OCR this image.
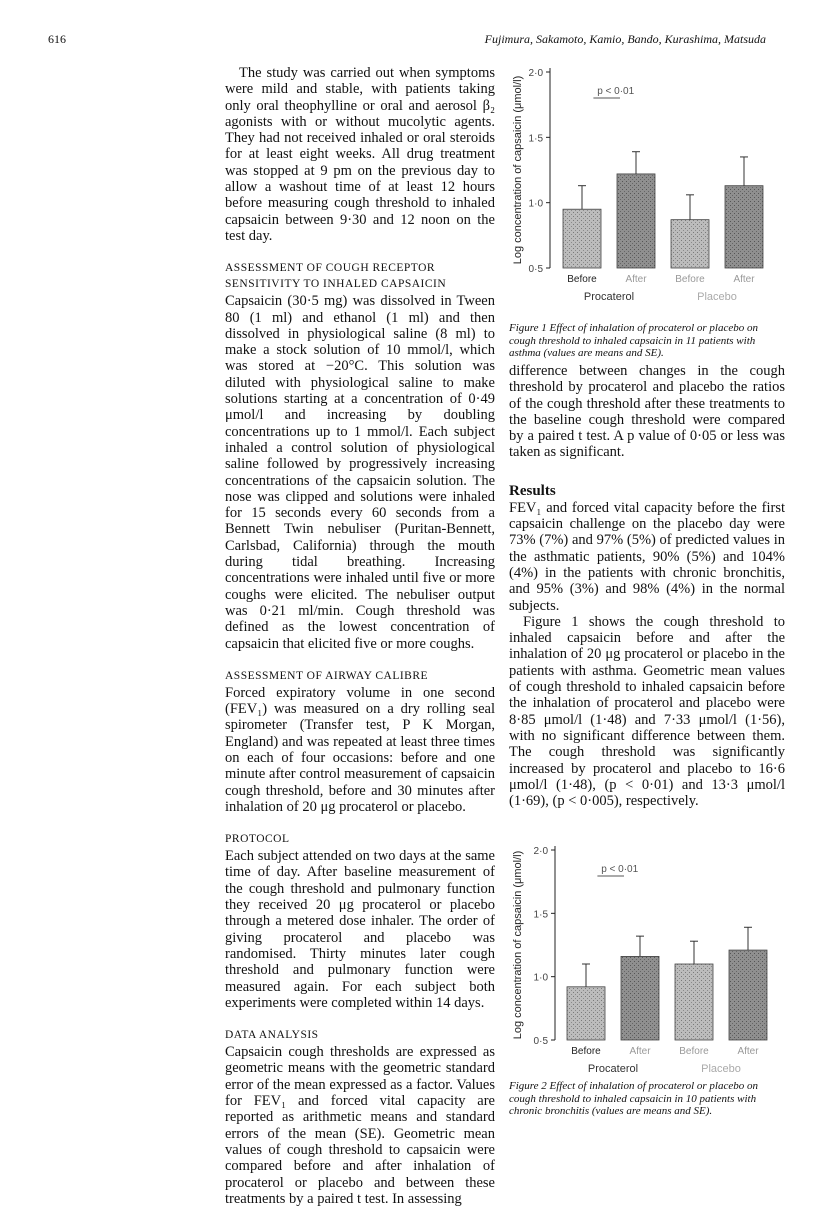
616	Fujimura, Sakamoto, Kamio, Bando, Kurashima, Matsuda

The study was carried out when symptoms were mild and stable, with patients taking only oral theophylline or oral and aerosol β₂ agonists with or without mucolytic agents. They had not received inhaled or oral steroids for at least eight weeks. All drug treatment was stopped at 9 pm on the previous day to allow a washout time of at least 12 hours before measuring cough threshold to inhaled capsaicin between 9·30 and 12 noon on the test day.

ASSESSMENT OF COUGH RECEPTOR
SENSITIVITY TO INHALED CAPSAICIN

Capsaicin (30·5 mg) was dissolved in Tween 80 (1 ml) and ethanol (1 ml) and then dissolved in physiological saline (8 ml) to make a stock solution of 10 mmol/l, which was stored at −20°C. This solution was diluted with physiological saline to make solutions starting at a concentration of 0·49 μmol/l and increasing by doubling concentrations up to 1 mmol/l. Each subject inhaled a control solution of physiological saline followed by progressively increasing concentrations of the capsaicin solution. The nose was clipped and solutions were inhaled for 15 seconds every 60 seconds from a Bennett Twin nebuliser (Puritan-Bennett, Carlsbad, California) through the mouth during tidal breathing. Increasing concentrations were inhaled until five or more coughs were elicited. The nebuliser output was 0·21 ml/min. Cough threshold was defined as the lowest concentration of capsaicin that elicited five or more coughs.

ASSESSMENT OF AIRWAY CALIBRE

Forced expiratory volume in one second (FEV₁) was measured on a dry rolling seal spirometer (Transfer test, P K Morgan, England) and was repeated at least three times on each of four occasions: before and one minute after control measurement of capsaicin cough threshold, before and 30 minutes after inhalation of 20 μg procaterol or placebo.

PROTOCOL

Each subject attended on two days at the same time of day. After baseline measurement of the cough threshold and pulmonary function they received 20 μg procaterol or placebo through a metered dose inhaler. The order of giving procaterol and placebo was randomised. Thirty minutes later cough threshold and pulmonary function were measured again. For each subject both experiments were completed within 14 days.

DATA ANALYSIS

Capsaicin cough thresholds are expressed as geometric means with the geometric standard error of the mean expressed as a factor. Values for FEV₁ and forced vital capacity are reported as arithmetic means and standard errors of the mean (SE). Geometric mean values of cough threshold to capsaicin were compared before and after inhalation of procaterol or placebo and between these treatments by a paired t test. In assessing

Log concentration of capsaicin (μmol/l)
0·5
1·0
1·5
2·0
Before	After	Before	After
Procaterol	Placebo
p < 0·01
Figure 1 Effect of inhalation of procaterol or placebo on cough threshold to inhaled capsaicin in 11 patients with asthma (values are means and SE).

difference between changes in the cough threshold by procaterol and placebo the ratios of the cough threshold after these treatments to the baseline cough threshold were compared by a paired t test. A p value of 0·05 or less was taken as significant.

Results

FEV₁ and forced vital capacity before the first capsaicin challenge on the placebo day were 73% (7%) and 97% (5%) of predicted values in the asthmatic patients, 90% (5%) and 104% (4%) in the patients with chronic bronchitis, and 95% (3%) and 98% (4%) in the normal subjects.

Figure 1 shows the cough threshold to inhaled capsaicin before and after the inhalation of 20 μg procaterol or placebo in the patients with asthma. Geometric mean values of cough threshold to inhaled capsaicin before the inhalation of procaterol and placebo were 8·85 μmol/l (1·48) and 7·33 μmol/l (1·56), with no significant difference between them. The cough threshold was significantly increased by procaterol and placebo to 16·6 μmol/l (1·48), (p < 0·01) and 13·3 μmol/l (1·69), (p < 0·005), respectively.

Log concentration of capsaicin (μmol/l)
0·5
1·0
1·5
2·0
Before	After	Before	After
Procaterol	Placebo
p < 0·01
Figure 2 Effect of inhalation of procaterol or placebo on cough threshold to inhaled capsaicin in 10 patients with chronic bronchitis (values are means and SE).
